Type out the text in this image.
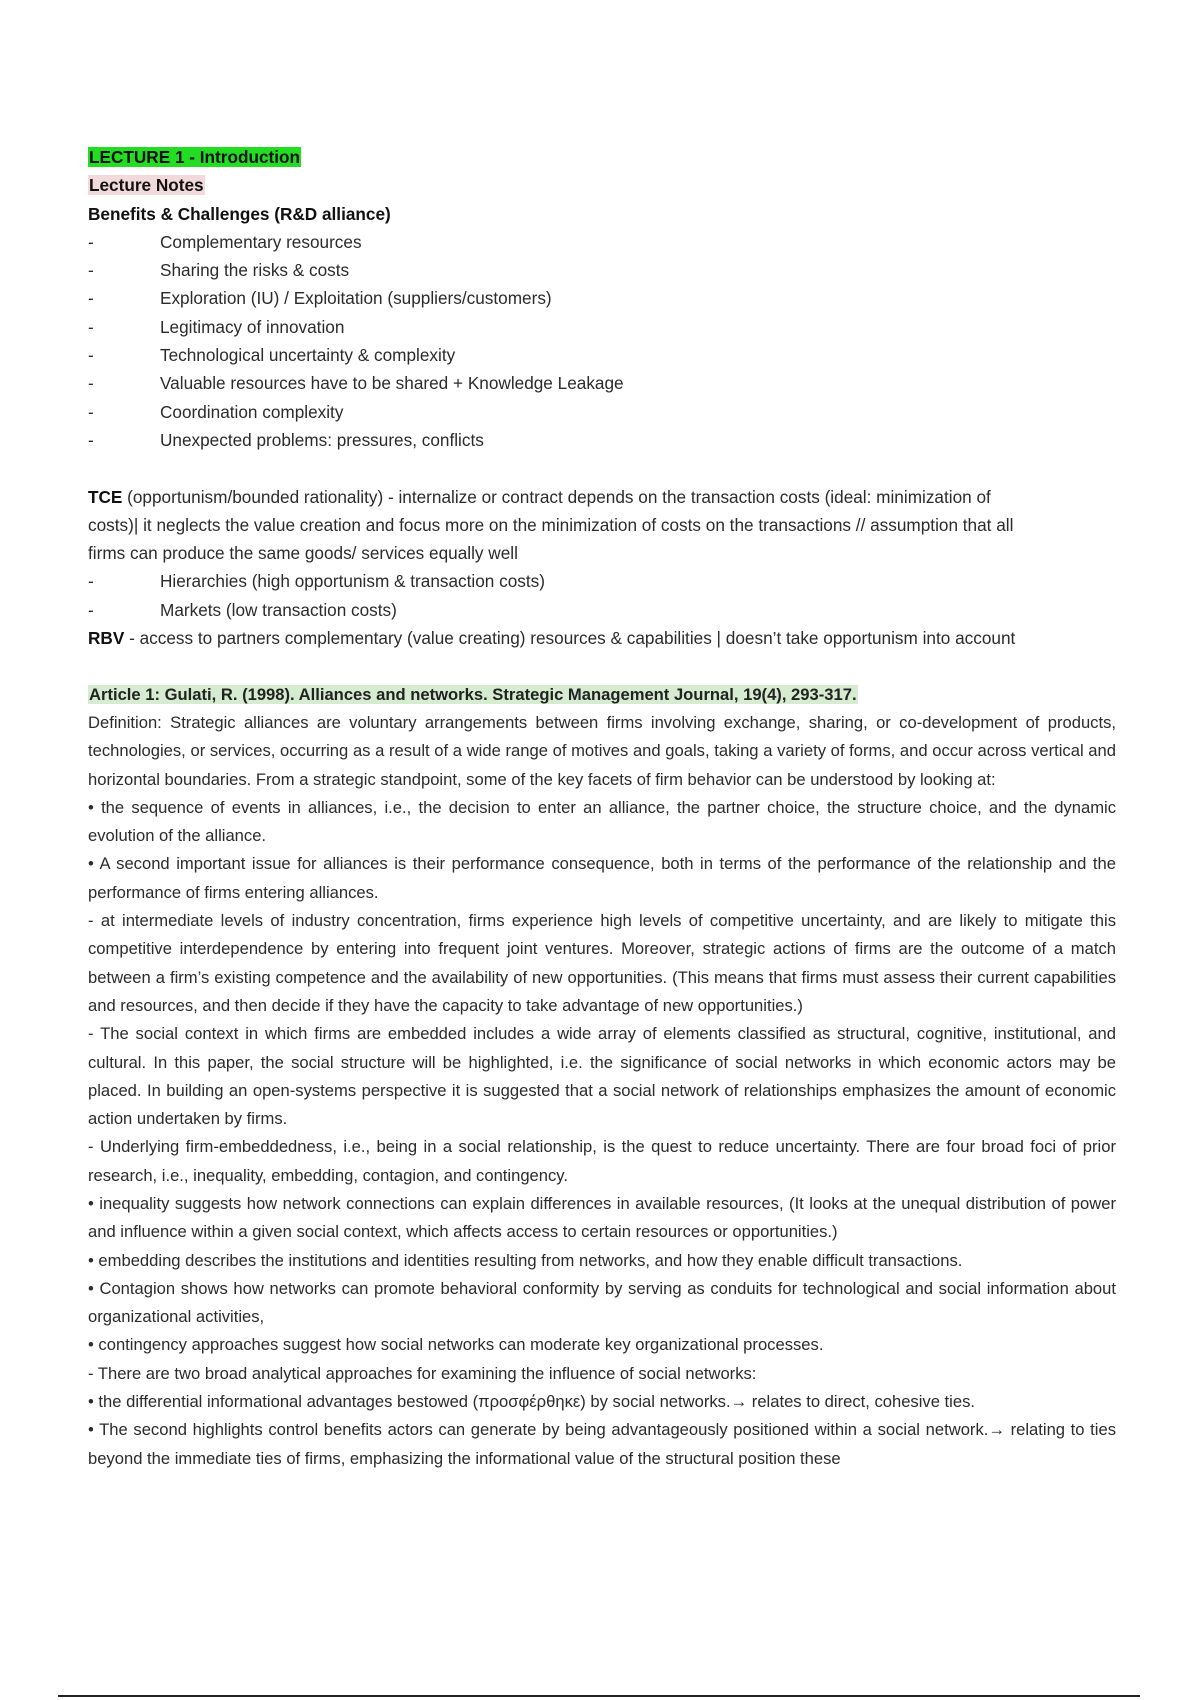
LECTURE 1 - Introduction
Lecture Notes
Benefits & Challenges (R&D alliance)
-	Complementary resources
-	Sharing the risks & costs
-	Exploration (IU) / Exploitation (suppliers/customers)
-	Legitimacy of innovation
-	Technological uncertainty & complexity
-	Valuable resources have to be shared + Knowledge Leakage
-	Coordination complexity
-	Unexpected problems: pressures, conflicts
TCE (opportunism/bounded rationality) - internalize or contract depends on the transaction costs (ideal: minimization of
costs)| it neglects the value creation and focus more on the minimization of costs on the transactions // assumption that all
firms can produce the same goods/ services equally well
-	Hierarchies (high opportunism & transaction costs)
-	Markets (low transaction costs)
RBV - access to partners complementary (value creating) resources & capabilities | doesn’t take opportunism into account
Article 1: Gulati, R. (1998). Alliances and networks. Strategic Management Journal, 19(4), 293-317.

Definition: Strategic alliances are voluntary arrangements between firms involving exchange, sharing, or co-development of products, technologies, or services, occurring as a result of a wide range of motives and goals, taking a variety of forms, and occur across vertical and horizontal boundaries. From a strategic standpoint, some of the key facets of firm behavior can be understood by looking at:

• the sequence of events in alliances, i.e., the decision to enter an alliance, the partner choice, the structure choice, and the dynamic evolution of the alliance.

• A second important issue for alliances is their performance consequence, both in terms of the performance of the relationship and the performance of firms entering alliances.

- at intermediate levels of industry concentration, firms experience high levels of competitive uncertainty, and are likely to mitigate this competitive interdependence by entering into frequent joint ventures. Moreover, strategic actions of firms are the outcome of a match between a firm’s existing competence and the availability of new opportunities. (This means that firms must assess their current capabilities and resources, and then decide if they have the capacity to take advantage of new opportunities.)

- The social context in which firms are embedded includes a wide array of elements classified as structural, cognitive, institutional, and cultural. In this paper, the social structure will be highlighted, i.e. the significance of social networks in which economic actors may be placed. In building an open-systems perspective it is suggested that a social network of relationships emphasizes the amount of economic action undertaken by firms.

- Underlying firm-embeddedness, i.e., being in a social relationship, is the quest to reduce uncertainty. There are four broad foci of prior research, i.e., inequality, embedding, contagion, and contingency.

• inequality suggests how network connections can explain differences in available resources, (It looks at the unequal distribution of power and influence within a given social context, which affects access to certain resources or opportunities.)

• embedding describes the institutions and identities resulting from networks, and how they enable difficult transactions.

• Contagion shows how networks can promote behavioral conformity by serving as conduits for technological and social information about organizational activities,

• contingency approaches suggest how social networks can moderate key organizational processes.

- There are two broad analytical approaches for examining the influence of social networks:

• the differential informational advantages bestowed (προσφέρθηκε) by social networks.→ relates to direct, cohesive ties.

• The second highlights control benefits actors can generate by being advantageously positioned within a social network.→ relating to ties beyond the immediate ties of firms, emphasizing the informational value of the structural position these
